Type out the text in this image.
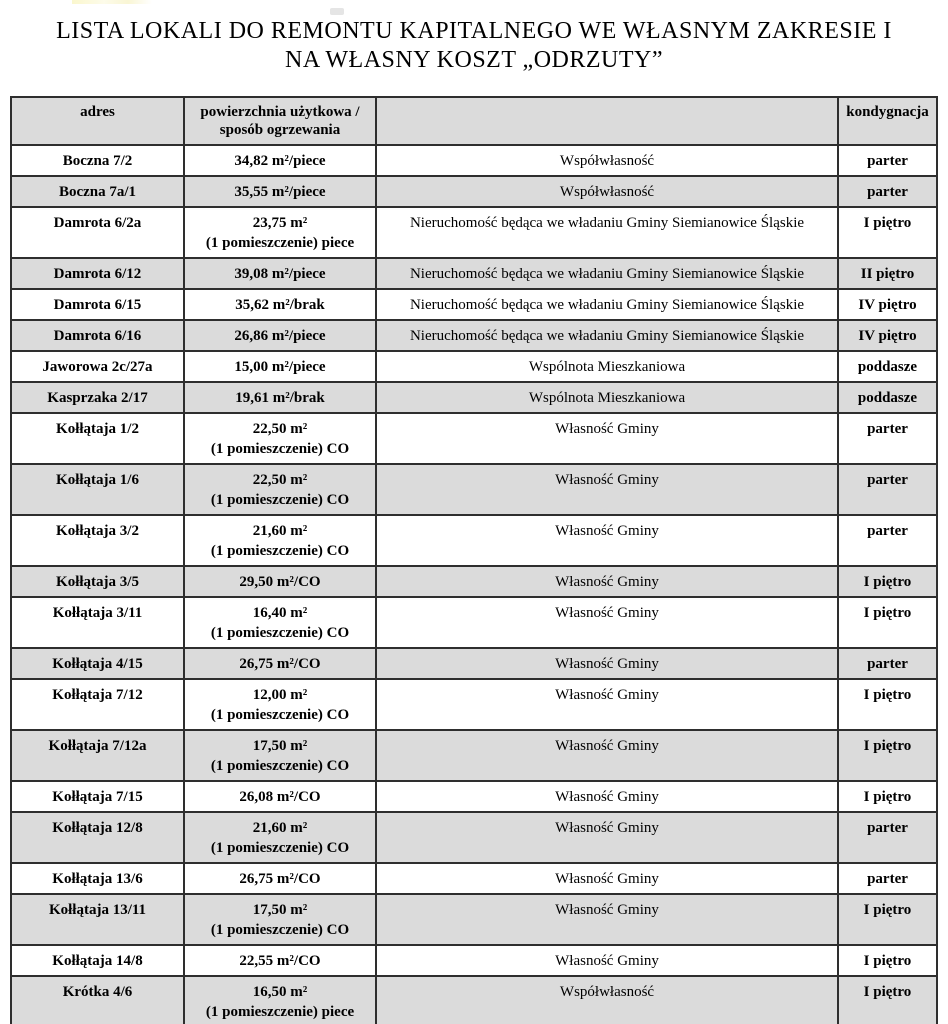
LISTA LOKALI DO REMONTU KAPITALNEGO WE WŁASNYM ZAKRESIE I
NA WŁASNY KOSZT „ODRZUTY”
adres	powierzchnia użytkowa / sposób ogrzewania		kondygnacja
Boczna 7/2	34,82 m²/piece	Współwłasność	parter
Boczna 7a/1	35,55 m²/piece	Współwłasność	parter
Damrota 6/2a	23,75 m²
(1 pomieszczenie) piece	Nieruchomość będąca we władaniu Gminy Siemianowice Śląskie	I piętro
Damrota 6/12	39,08 m²/piece	Nieruchomość będąca we władaniu Gminy Siemianowice Śląskie	II piętro
Damrota 6/15	35,62 m²/brak	Nieruchomość będąca we władaniu Gminy Siemianowice Śląskie	IV piętro
Damrota 6/16	26,86 m²/piece	Nieruchomość będąca we władaniu Gminy Siemianowice Śląskie	IV piętro
Jaworowa 2c/27a	15,00 m²/piece	Wspólnota Mieszkaniowa	poddasze
Kasprzaka 2/17	19,61 m²/brak	Wspólnota Mieszkaniowa	poddasze
Kołłątaja 1/2	22,50 m²
(1 pomieszczenie) CO	Własność Gminy	parter
Kołłątaja 1/6	22,50 m²
(1 pomieszczenie) CO	Własność Gminy	parter
Kołłątaja 3/2	21,60 m²
(1 pomieszczenie) CO	Własność Gminy	parter
Kołłątaja 3/5	29,50 m²/CO	Własność Gminy	I piętro
Kołłątaja 3/11	16,40 m²
(1 pomieszczenie) CO	Własność Gminy	I piętro
Kołłątaja 4/15	26,75 m²/CO	Własność Gminy	parter
Kołłątaja 7/12	12,00 m²
(1 pomieszczenie) CO	Własność Gminy	I piętro
Kołłątaja 7/12a	17,50 m²
(1 pomieszczenie) CO	Własność Gminy	I piętro
Kołłątaja 7/15	26,08 m²/CO	Własność Gminy	I piętro
Kołłątaja 12/8	21,60 m²
(1 pomieszczenie) CO	Własność Gminy	parter
Kołłątaja 13/6	26,75 m²/CO	Własność Gminy	parter
Kołłątaja 13/11	17,50 m²
(1 pomieszczenie) CO	Własność Gminy	I piętro
Kołłątaja 14/8	22,55 m²/CO	Własność Gminy	I piętro
Krótka 4/6	16,50 m²
(1 pomieszczenie) piece	Współwłasność	I piętro
